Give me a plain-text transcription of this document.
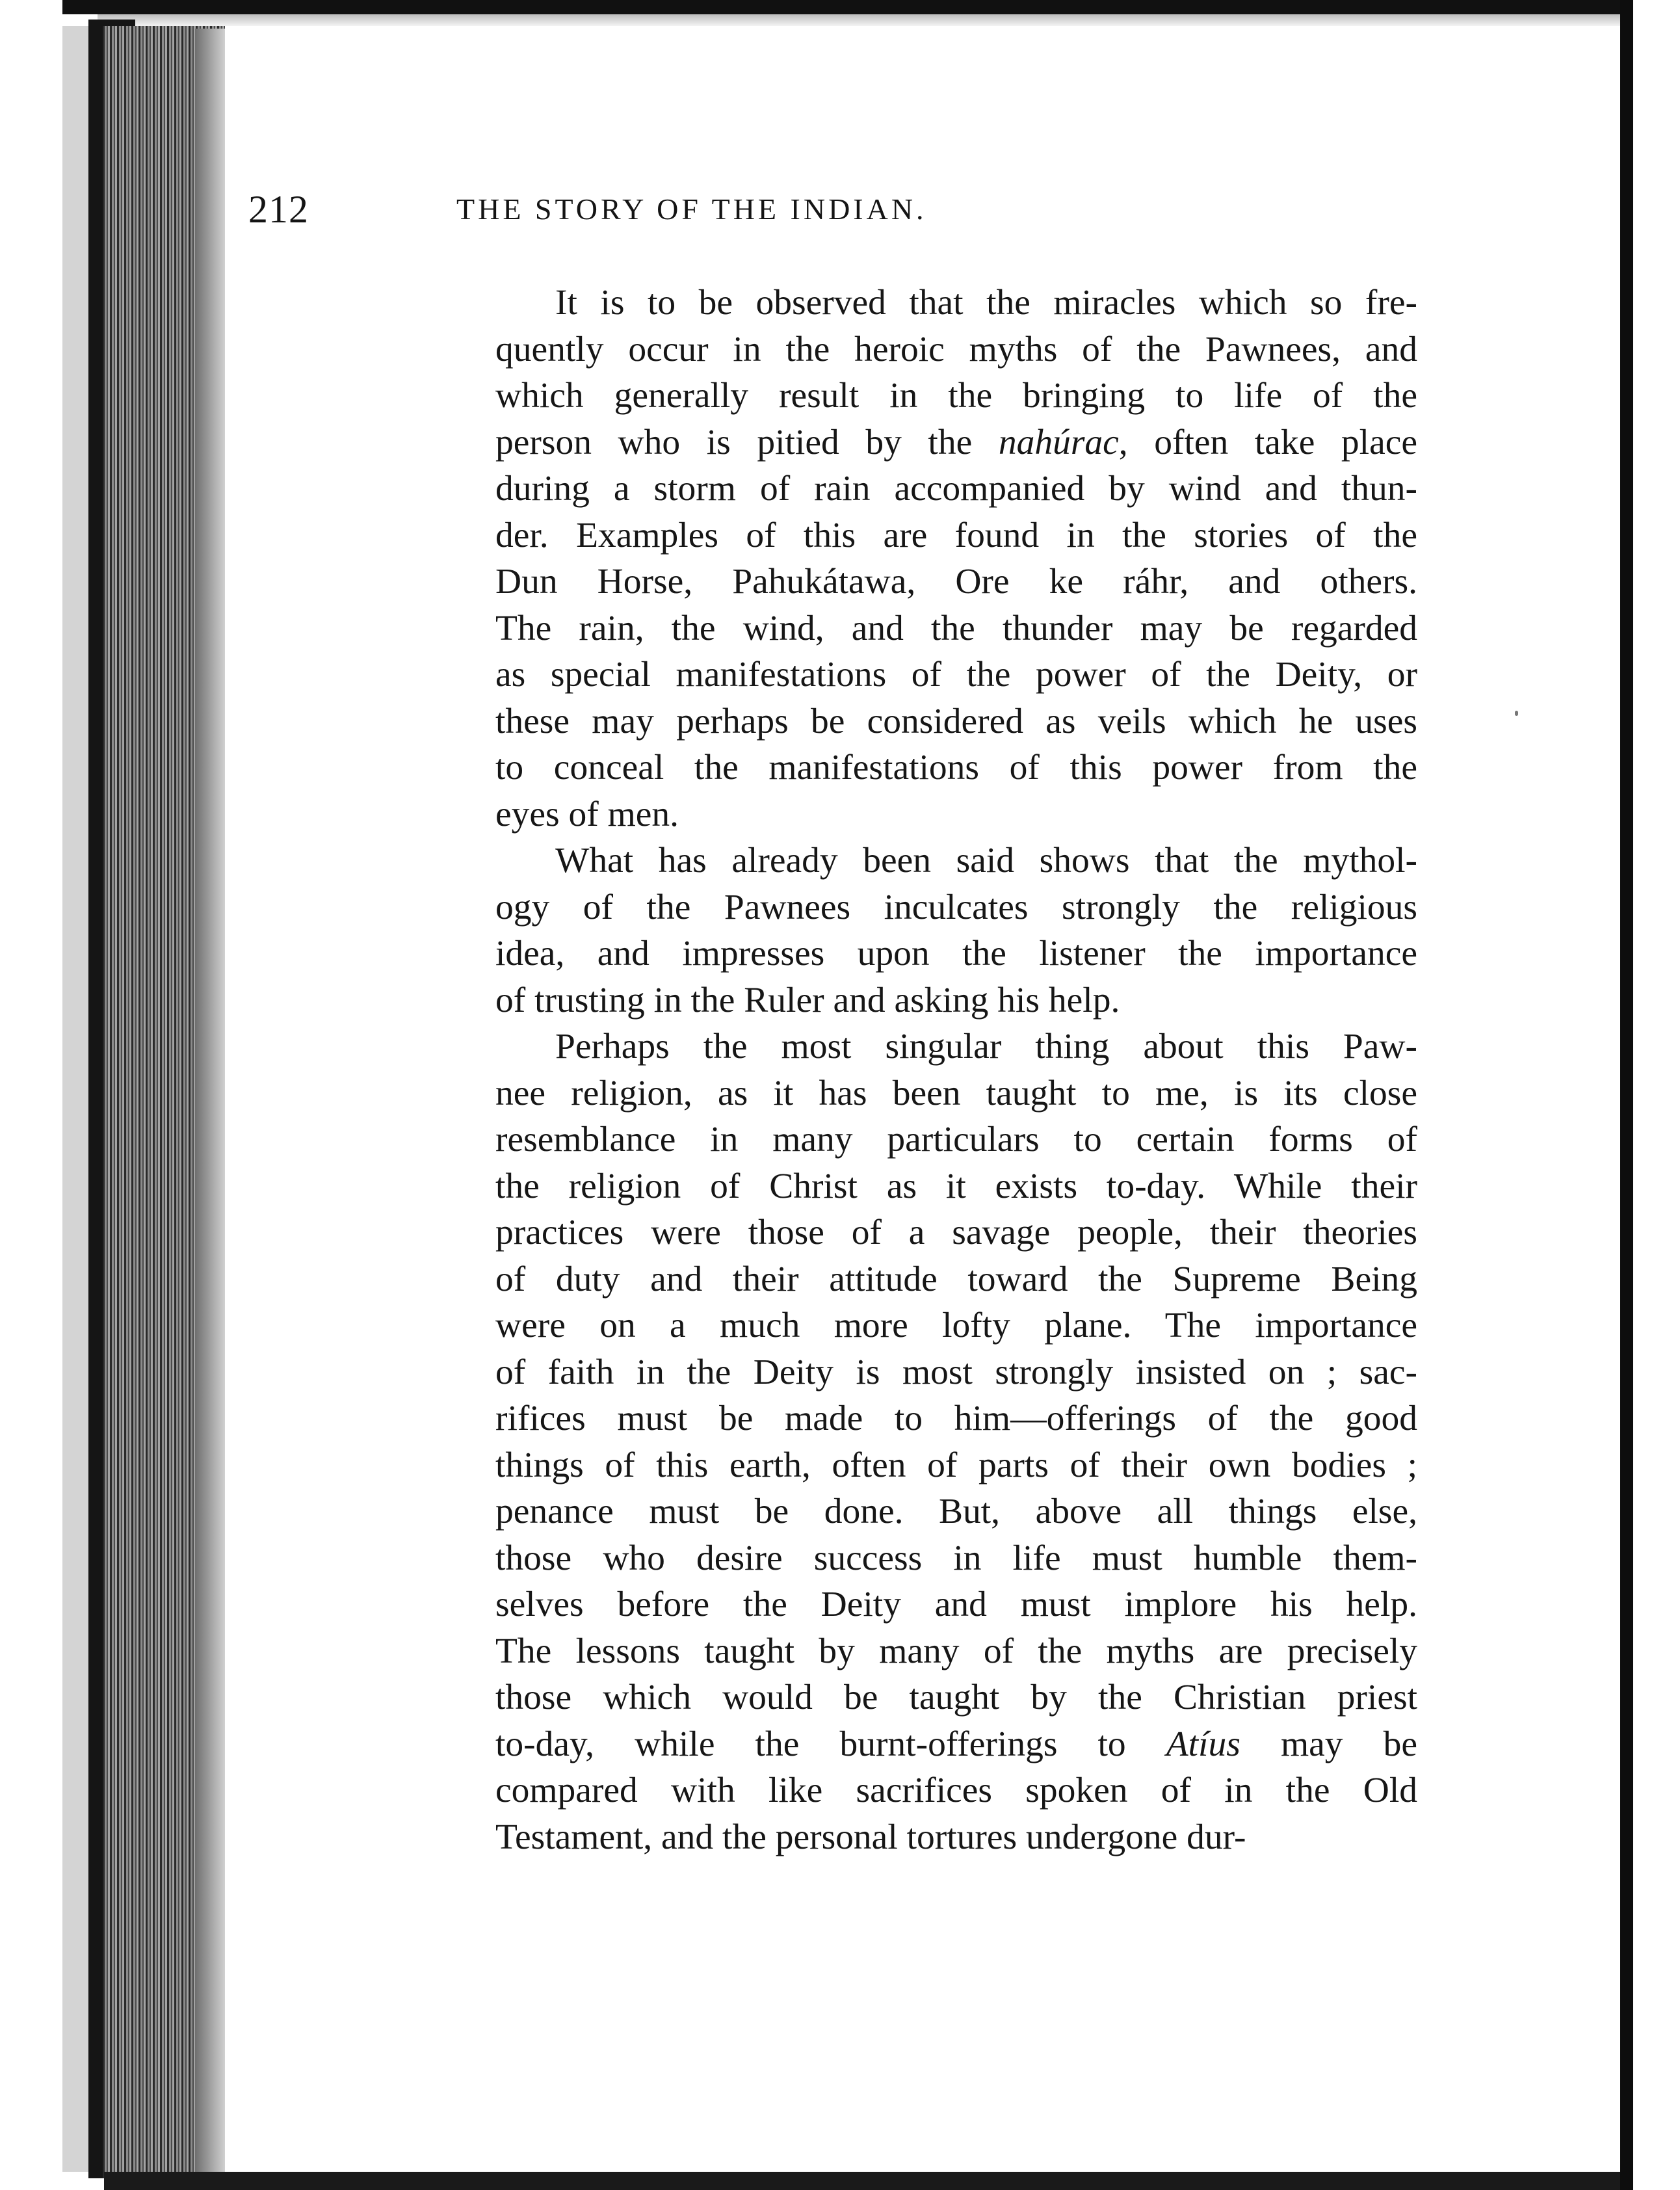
212	THE STORY OF THE INDIAN.
It is to be observed that the miracles which so fre-
quently occur in the heroic myths of the Pawnees, and
which generally result in the bringing to life of the
person who is pitied by the nahúrac, often take place
during a storm of rain accompanied by wind and thun-
der. Examples of this are found in the stories of the
Dun Horse, Pahukátawa, Ore ke ráhr, and others.
The rain, the wind, and the thunder may be regarded
as special manifestations of the power of the Deity, or
these may perhaps be considered as veils which he uses
to conceal the manifestations of this power from the
eyes of men.
What has already been said shows that the mythol-
ogy of the Pawnees inculcates strongly the religious
idea, and impresses upon the listener the importance
of trusting in the Ruler and asking his help.
Perhaps the most singular thing about this Paw-
nee religion, as it has been taught to me, is its close
resemblance in many particulars to certain forms of
the religion of Christ as it exists to-day. While their
practices were those of a savage people, their theories
of duty and their attitude toward the Supreme Being
were on a much more lofty plane. The importance
of faith in the Deity is most strongly insisted on ; sac-
rifices must be made to him—offerings of the good
things of this earth, often of parts of their own bodies ;
penance must be done. But, above all things else,
those who desire success in life must humble them-
selves before the Deity and must implore his help.
The lessons taught by many of the myths are precisely
those which would be taught by the Christian priest
to-day, while the burnt-offerings to Atíus may be
compared with like sacrifices spoken of in the Old
Testament, and the personal tortures undergone dur-
